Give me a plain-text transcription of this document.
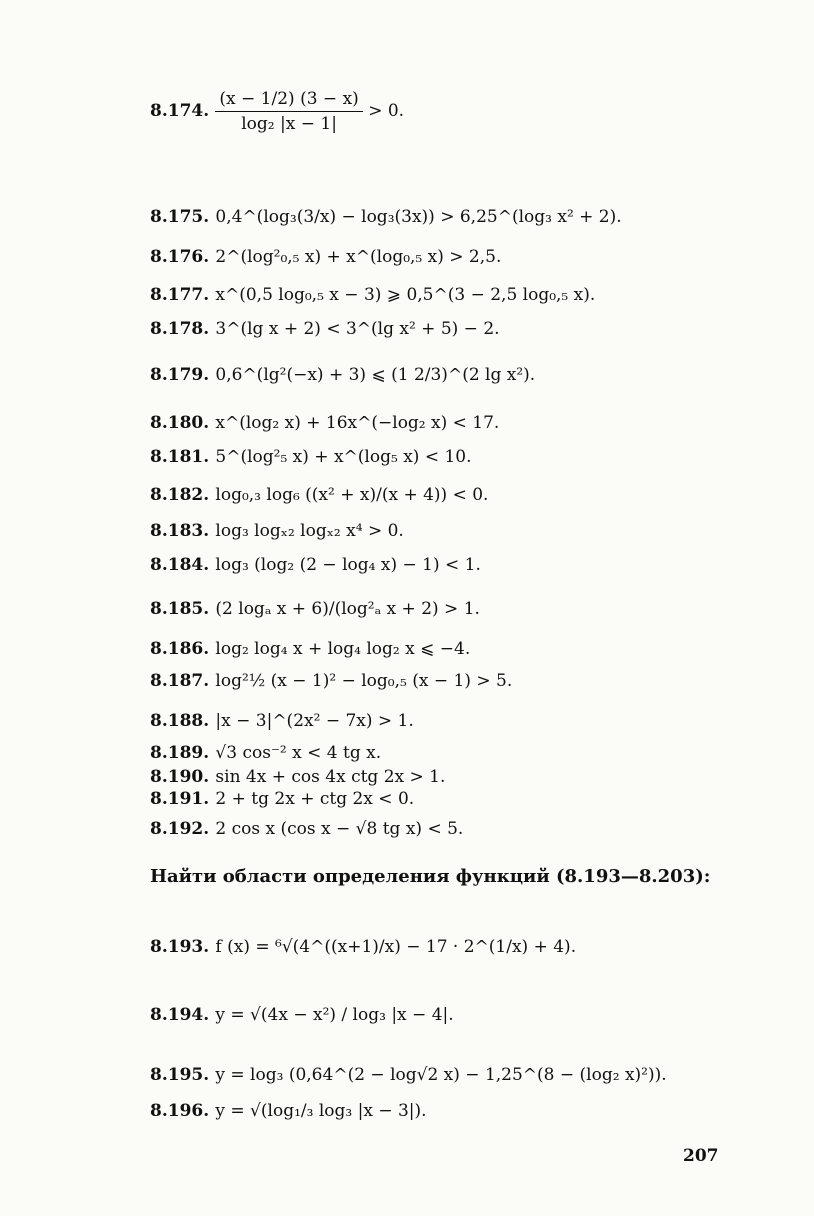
8.174. $\frac{(x - 1/2) (3 - x)}{\text{log₂ |x − 1|}} > 0$.
8.175. 0,4^(log₃(3/x) − log₃(3x)) > 6,25^(log₃ x² + 2).
8.176. 2^(log²₀,₅ x) + x^(log₀,₅ x) > 2,5.
8.177. x^(0,5 log₀,₅ x − 3) ⩾ 0,5^(3 − 2,5 log₀,₅ x).
8.178. 3^(lg x + 2) < 3^(lg x² + 5) − 2.
8.179. 0,6^(lg²(−x) + 3) ⩽ (1 2/3)^(2 lg x²).
8.180. x^(log₂ x) + 16x^(−log₂ x) < 17.
8.181. 5^(log²₅ x) + x^(log₅ x) < 10.
8.182. log₀,₃ log₆ ((x² + x)/(x + 4)) < 0.
8.183. log₃ logₓ₂ logₓ₂ x⁴ > 0.
8.184. log₃ (log₂ (2 − log₄ x) − 1) < 1.
8.185. (2 logₐ x + 6)/(log²ₐ x + 2) > 1.
8.186. log₂ log₄ x + log₄ log₂ x ⩽ −4.
8.187. log²½ (x − 1)² − log₀,₅ (x − 1) > 5.
8.188. |x − 3|^(2x² − 7x) > 1.
8.189. √3 cos⁻² x < 4 tg x.
8.190. sin 4x + cos 4x ctg 2x > 1.
8.191. 2 + tg 2x + ctg 2x < 0.
8.192. 2 cos x (cos x − √8 tg x) < 5.
Найти области определения функций (8.193—8.203):
8.193. f (x) = ⁶√(4^((x+1)/x) − 17 · 2^(1/x) + 4).
8.194. y = √(4x − x²) / log₃ |x − 4|.
8.195. y = log₃ (0,64^(2 − log√2 x) − 1,25^(8 − (log₂ x)²)).
8.196. y = √(log₁/₃ log₃ |x − 3|).
207
